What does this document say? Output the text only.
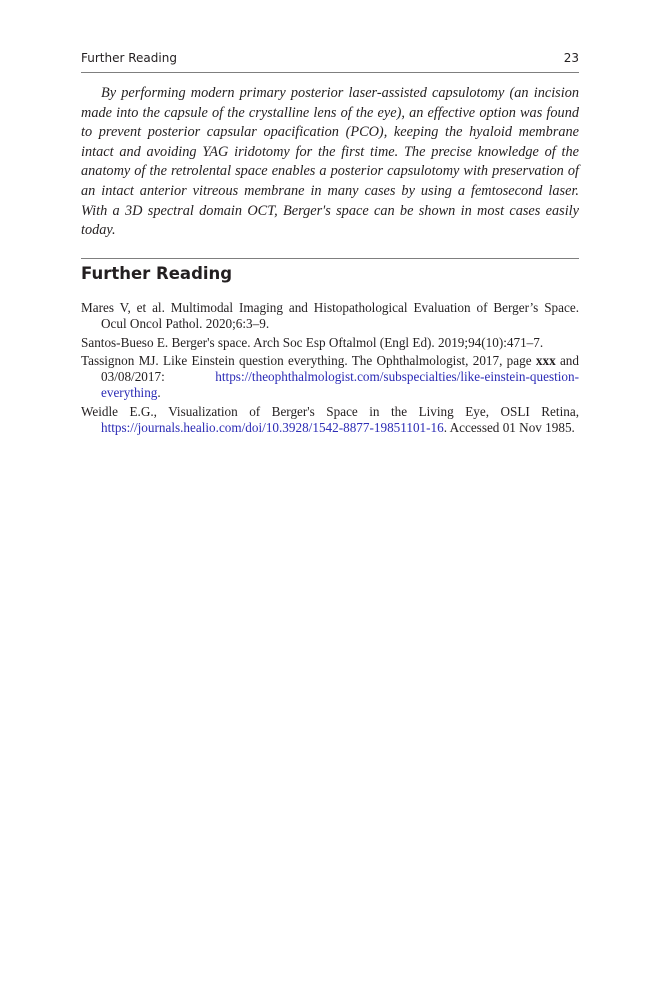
Further Reading	23

By performing modern primary posterior laser-assisted capsulotomy (an incision made into the capsule of the crystalline lens of the eye), an effective option was found to prevent posterior capsular opacification (PCO), keeping the hyaloid membrane intact and avoiding YAG iridotomy for the first time. The precise knowledge of the anatomy of the retrolental space enables a posterior capsulotomy with preservation of an intact anterior vitreous membrane in many cases by using a femtosecond laser. With a 3D spectral domain OCT, Berger's space can be shown in most cases easily today.

Further Reading
Mares V, et al. Multimodal Imaging and Histopathological Evaluation of Berger’s Space. Ocul Oncol Pathol. 2020;6:3–9.
Santos-Bueso E. Berger's space. Arch Soc Esp Oftalmol (Engl Ed). 2019;94(10):471–7.
Tassignon MJ. Like Einstein question everything. The Ophthalmologist, 2017, page xxx and 03/08/2017: https://theophthalmologist.com/subspecialties/like-einstein-question-everything.
Weidle E.G., Visualization of Berger's Space in the Living Eye, OSLI Retina, https://journals.healio.com/doi/10.3928/1542-8877-19851101-16. Accessed 01 Nov 1985.
